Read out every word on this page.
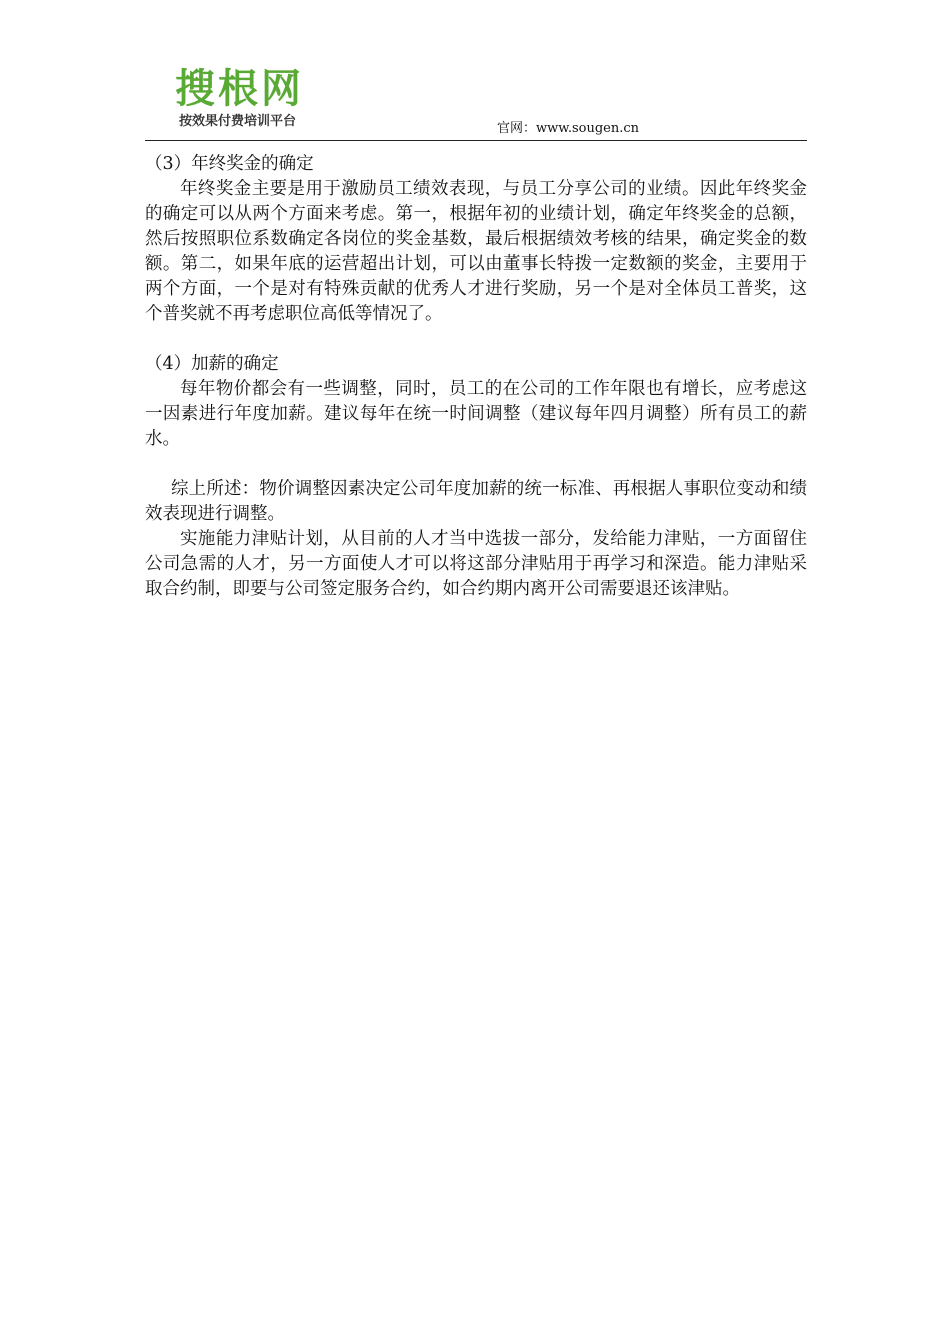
搜根网
按效果付费培训平台	官网：www.sougen.cn

（3）年终奖金的确定

年终奖金主要是用于激励员工绩效表现，与员工分享公司的业绩。因此年终奖金的确定可以从两个方面来考虑。第一，根据年初的业绩计划，确定年终奖金的总额，然后按照职位系数确定各岗位的奖金基数，最后根据绩效考核的结果，确定奖金的数额。第二，如果年底的运营超出计划，可以由董事长特拨一定数额的奖金，主要用于两个方面，一个是对有特殊贡献的优秀人才进行奖励，另一个是对全体员工普奖，这个普奖就不再考虑职位高低等情况了。

（4）加薪的确定

每年物价都会有一些调整，同时，员工的在公司的工作年限也有增长，应考虑这一因素进行年度加薪。建议每年在统一时间调整（建议每年四月调整）所有员工的薪水。

综上所述：物价调整因素决定公司年度加薪的统一标准、再根据人事职位变动和绩效表现进行调整。

实施能力津贴计划，从目前的人才当中选拔一部分，发给能力津贴，一方面留住公司急需的人才，另一方面使人才可以将这部分津贴用于再学习和深造。能力津贴采取合约制，即要与公司签定服务合约，如合约期内离开公司需要退还该津贴。
